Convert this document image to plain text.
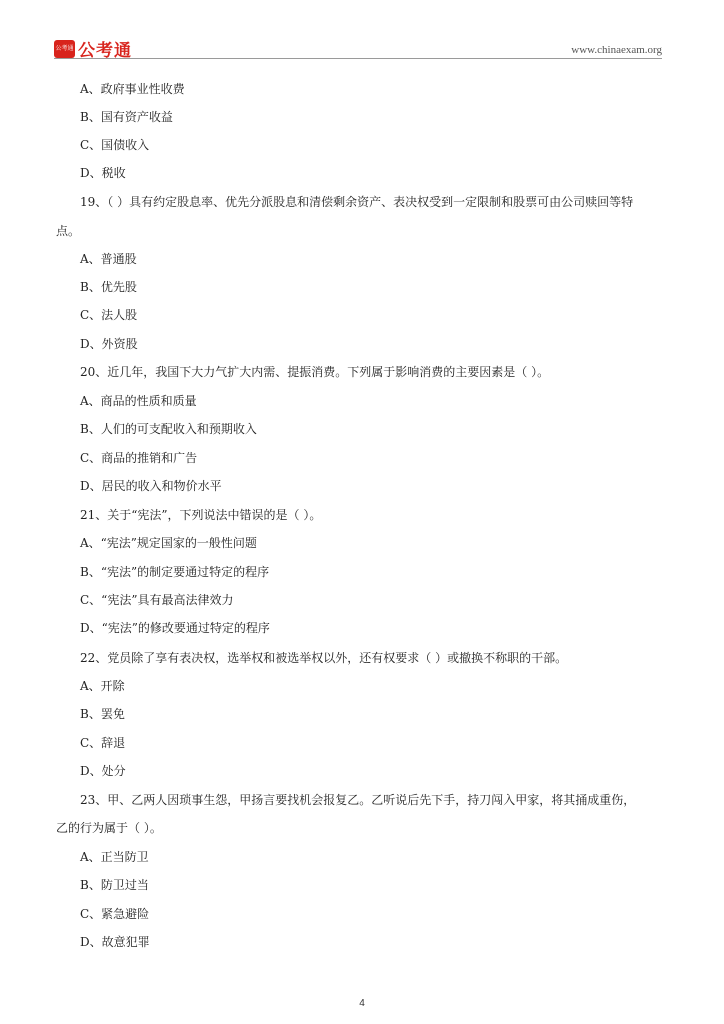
公考通 公考通	www.chinaexam.org
A、政府事业性收费
B、国有资产收益
C、国债收入
D、税收
19、（ ）具有约定股息率、优先分派股息和清偿剩余资产、表决权受到一定限制和股票可由公司赎回等特
点。
A、普通股
B、优先股
C、法人股
D、外资股
20、近几年，我国下大力气扩大内需、提振消费。下列属于影响消费的主要因素是（ ）。
A、商品的性质和质量
B、人们的可支配收入和预期收入
C、商品的推销和广告
D、居民的收入和物价水平
21、关于“宪法”，下列说法中错误的是（ ）。
A、“宪法”规定国家的一般性问题
B、“宪法”的制定要通过特定的程序
C、“宪法”具有最高法律效力
D、“宪法”的修改要通过特定的程序
22、党员除了享有表决权，选举权和被选举权以外，还有权要求（ ）或撤换不称职的干部。
A、开除
B、罢免
C、辞退
D、处分
23、甲、乙两人因琐事生怨，甲扬言要找机会报复乙。乙听说后先下手，持刀闯入甲家，将其捅成重伤，
乙的行为属于（ ）。
A、正当防卫
B、防卫过当
C、紧急避险
D、故意犯罪
4
